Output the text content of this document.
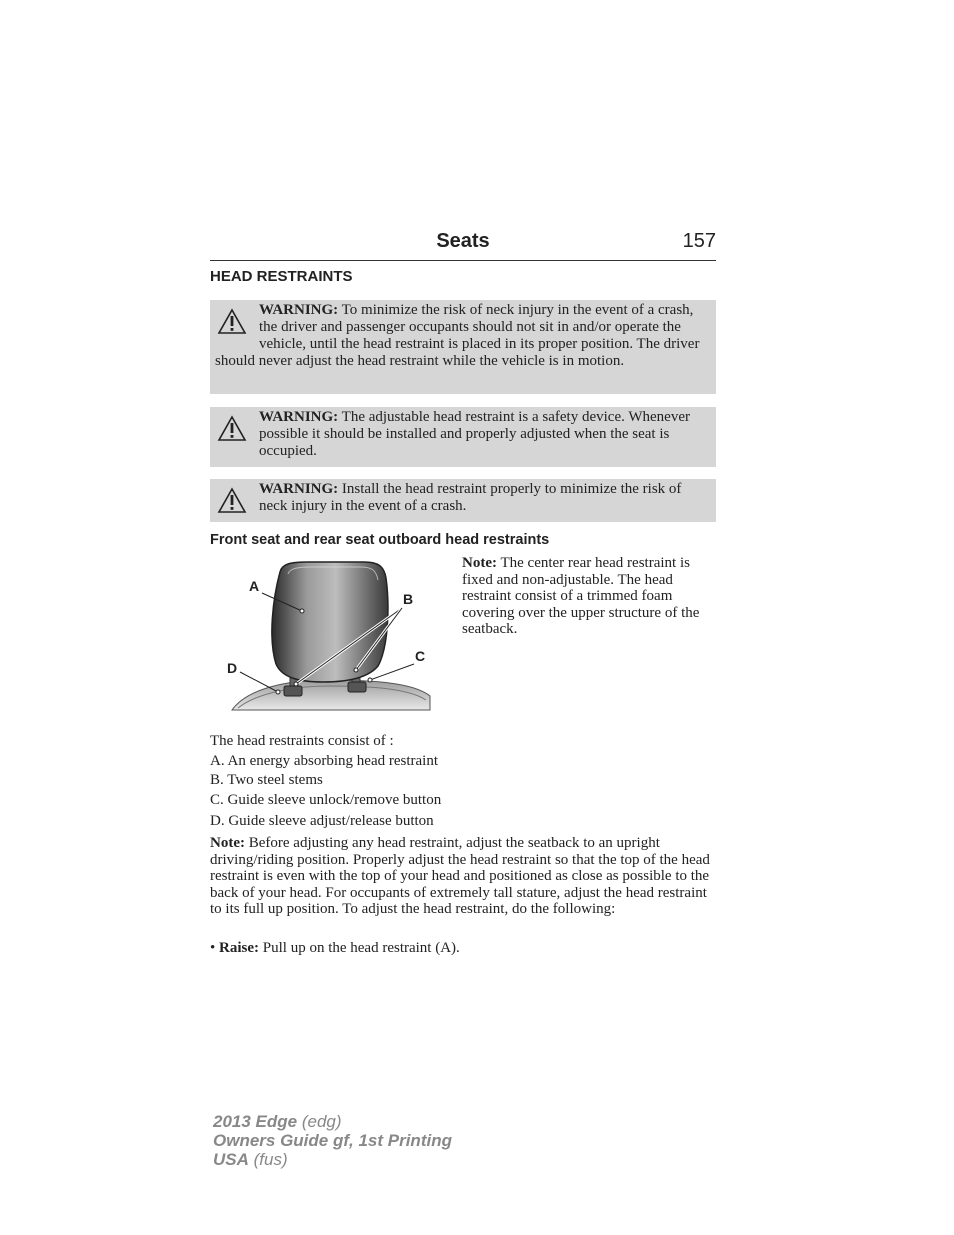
Seats	157
HEAD RESTRAINTS
WARNING: To minimize the risk of neck injury in the event of a crash, the driver and passenger occupants should not sit in and/or operate the vehicle, until the head restraint is placed in its proper position. The driver should never adjust the head restraint while the vehicle is in motion.
WARNING: The adjustable head restraint is a safety device. Whenever possible it should be installed and properly adjusted when the seat is occupied.
WARNING: Install the head restraint properly to minimize the risk of neck injury in the event of a crash.
Front seat and rear seat outboard head restraints
A
B
C
D
Note: The center rear head restraint is fixed and non-adjustable. The head restraint consist of a trimmed foam covering over the upper structure of the seatback.
The head restraints consist of :
A. An energy absorbing head restraint
B. Two steel stems
C. Guide sleeve unlock/remove button
D. Guide sleeve adjust/release button
Note: Before adjusting any head restraint, adjust the seatback to an upright driving/riding position. Properly adjust the head restraint so that the top of the head restraint is even with the top of your head and positioned as close as possible to the back of your head. For occupants of extremely tall stature, adjust the head restraint to its full up position. To adjust the head restraint, do the following:
• Raise: Pull up on the head restraint (A).
2013 Edge (edg)
Owners Guide gf, 1st Printing
USA (fus)
